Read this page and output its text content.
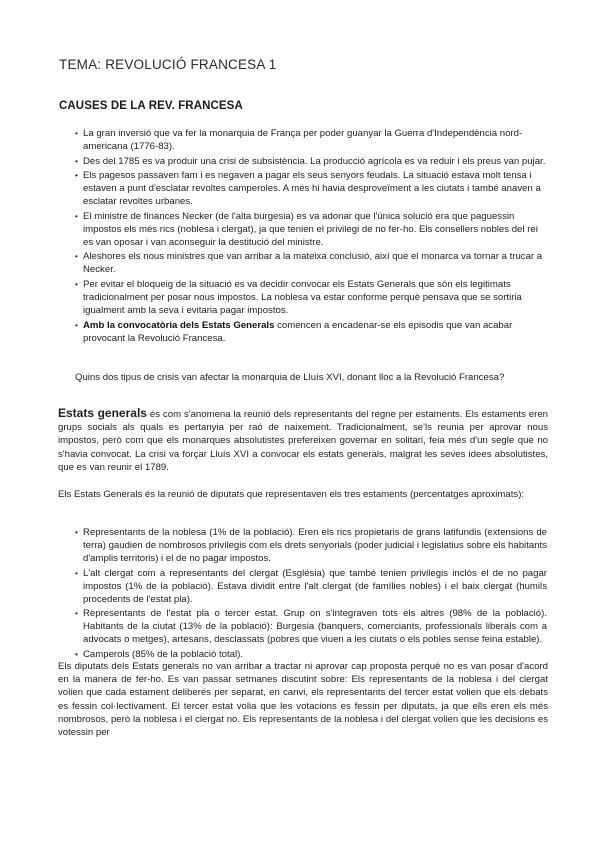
TEMA: REVOLUCIÓ FRANCESA 1
CAUSES DE LA REV. FRANCESA
• La gran inversió que va fer la monarquia de França per poder guanyar la Guerra d'Independència nord-americana (1776-83).
• Des del 1785 es va produir una crisi de subsistència. La producció agrícola es va reduir i els preus van pujar.
• Els pagesos passaven fam i es negaven a pagar els seus senyors feudals. La situació estava molt tensa i estaven a punt d'esclatar revoltes camperoles. A més hi havia desproveïment a les ciutats i també anaven a esclatar revoltes urbanes.
• El ministre de finances Necker (de l'alta burgesia) es va adonar que l'única solució era que paguessin impostos els més rics (noblesa i clergat), ja que tenien el privilegi de no fer-ho. Els consellers nobles del rei es van oposar i van aconseguir la destitució del ministre.
• Aleshores els nous ministres que van arribar a la mateixa conclusió, així que el monarca va tornar a trucar a Necker.
• Per evitar el bloqueig de la situació es va decidir convocar els Estats Generals que són els legitimats tradicionalment per posar nous impostos. La noblesa va estar conforme perquè pensava que se sortiria igualment amb la seva i evitaria pagar impostos.
• Amb la convocatòria dels Estats Generals comencen a encadenar-se els episodis que van acabar provocant la Revolució Francesa.
Quins dos tipus de crisis van afectar la monarquia de Lluís XVI, donant lloc a la Revolució Francesa?
Estats generals és com s'anomena la reunió dels representants del regne per estaments. Els estaments eren grups socials als quals es pertanyia per raó de naixement. Tradicionalment, se'ls reunia per aprovar nous impostos, però com que els monarques absolutistes prefereixen governar en solitari, feia més d'un segle que no s'havia convocat. La crisi va forçar Lluís XVI a convocar els estats generals, malgrat les seves idees absolutistes, que es van reunir el 1789.
Els Estats Generals és la reunió de diputats que representaven els tres estaments (percentatges aproximats):
• Representants de la noblesa (1% de la població). Eren els rics propietaris de grans latifundis (extensions de terra) gaudien de nombrosos privilegis com els drets senyorials (poder judicial i legislatius sobre els habitants d'amplis territoris) i el de no pagar impostos.
• L'alt clergat com a representants del clergat (Església) que també tenien privilegis inclòs el de no pagar impostos (1% de la població). Estava dividit entre l'alt clergat (de famílies nobles) i el baix clergat (humils procedents de l'estat pla).
• Representants de l'estat pla o tercer estat. Grup on s'integraven tots els altres (98% de la població). Habitants de la ciutat (13% de la població): Burgesia (banquers, comerciants, professionals liberals com a advocats o metges), artesans, desclassats (pobres que viuen a les ciutats o els pobles sense feina estable).
• Camperols (85% de la població total).
Els diputats dels Estats generals no van arribar a tractar ni aprovar cap proposta perquè no es van posar d'acord en la manera de fer-ho. Es van passar setmanes discutint sobre: Els representants de la noblesa i del clergat volien que cada estament deliberés per separat, en canvi, els representants del tercer estat volien que els debats es fessin col·lectivament. El tercer estat volia que les votacions es fessin per diputats, ja que ells eren els més nombrosos, però la noblesa i el clergat no. Els representants de la noblesa i del clergat volien que les decisions es votessin per
